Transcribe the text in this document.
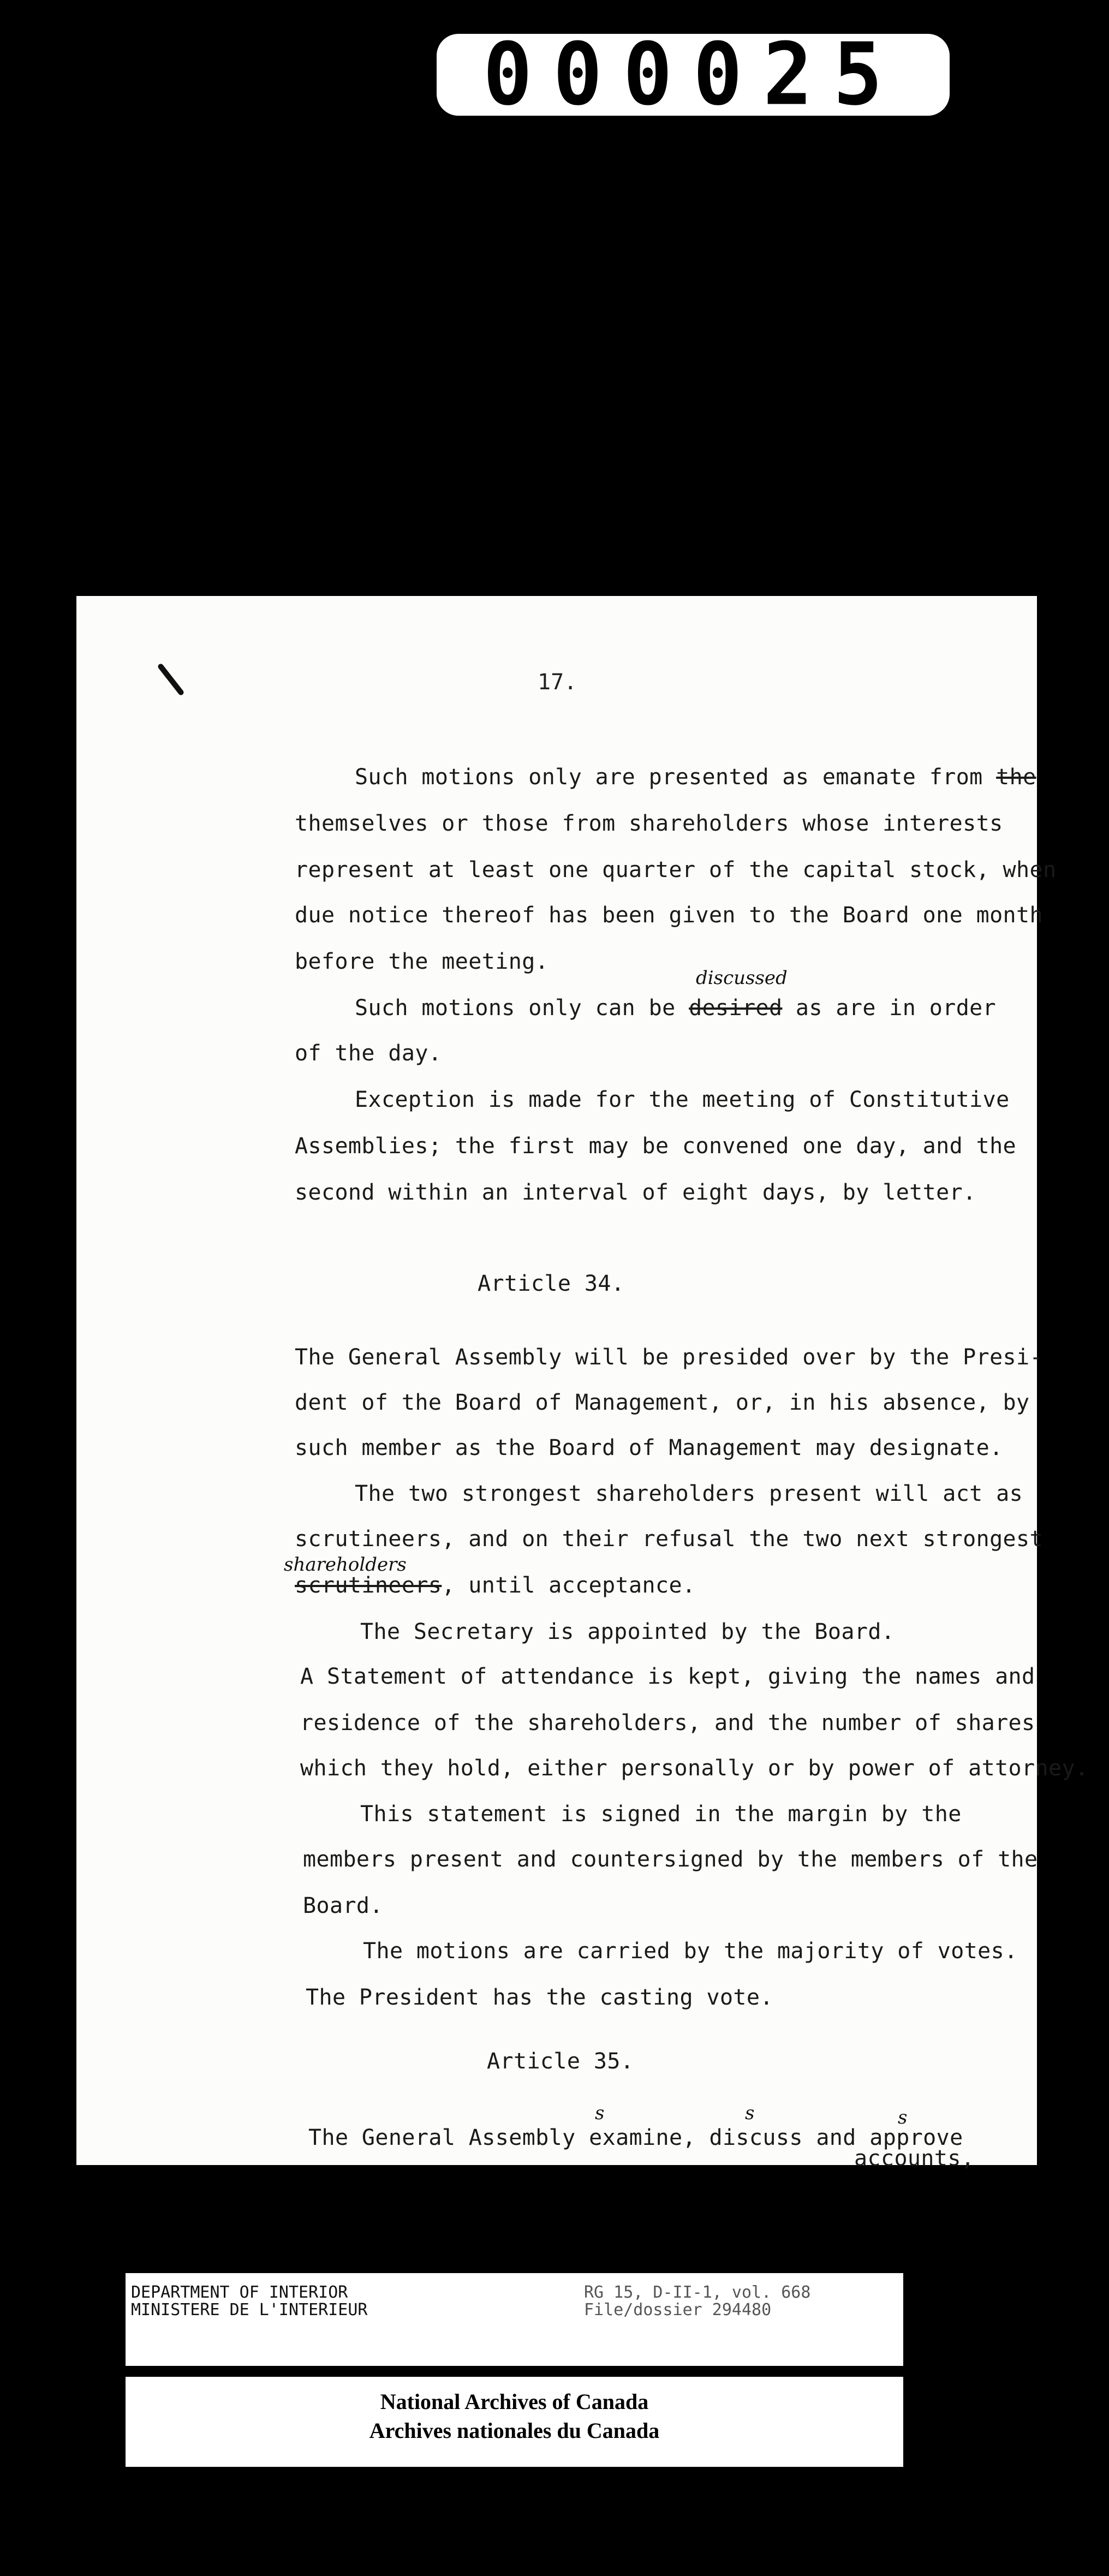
000025
17.
Such motions only are presented as emanate from the
themselves or those from shareholders whose interests
represent at least one quarter of the capital stock, when
due notice thereof has been given to the Board one month
before the meeting.
discussed
Such motions only can be desired as are in order
of the day.
Exception is made for the meeting of Constitutive
Assemblies; the first may be convened one day, and the
second within an interval of eight days, by letter.
Article 34.
The General Assembly will be presided over by the Presi-
dent of the Board of Management, or, in his absence, by
such member as the Board of Management may designate.
The two strongest shareholders present will act as
scrutineers, and on their refusal the two next strongest
shareholders
scrutineers, until acceptance.
The Secretary is appointed by the Board.
A Statement of attendance is kept, giving the names and
residence of the shareholders, and the number of shares
which they hold, either personally or by power of attorney.
This statement is signed in the margin by the
members present and countersigned by the members of the
Board.
The motions are carried by the majority of votes.
The President has the casting vote.
Article 35.
s	s	s
The General Assembly examine, discuss and approve
accounts,
DEPARTMENT OF INTERIOR
MINISTERE DE L'INTERIEUR
RG 15, D-II-1, vol. 668
File/dossier 294480
National Archives of Canada
Archives nationales du Canada
